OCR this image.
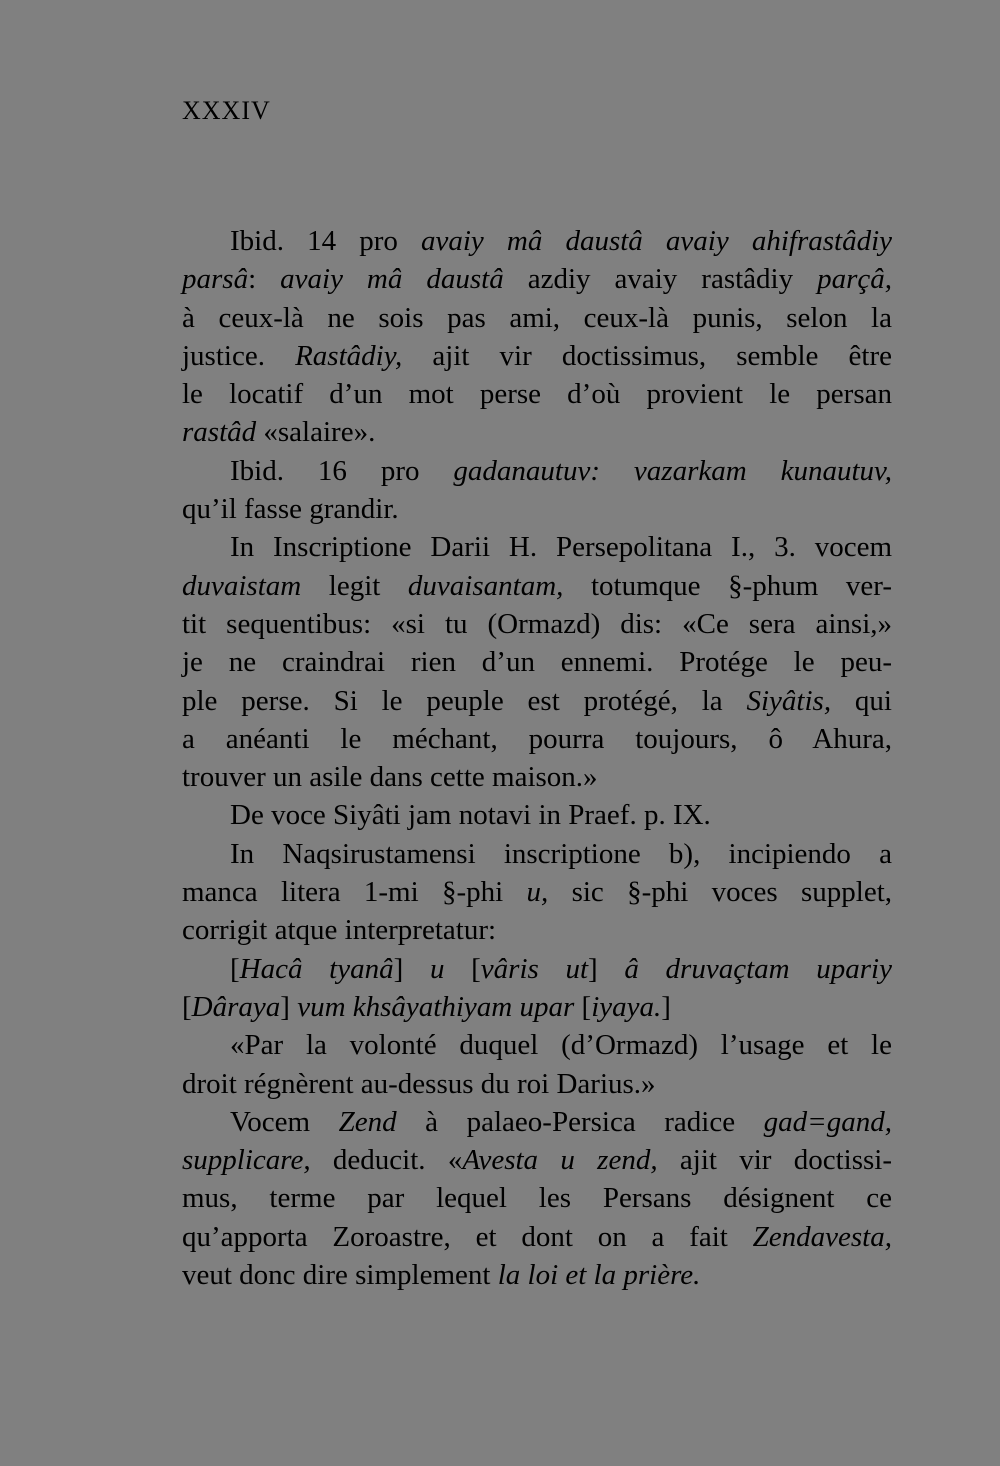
XXXIV
Ibid. 14 pro avaiy mâ daustâ avaiy ahifrastâdiy
parsâ: avaiy mâ daustâ azdiy avaiy rastâdiy parçâ,
à ceux-là ne sois pas ami, ceux-là punis, selon la
justice. Rastâdiy, ajit vir doctissimus, semble être
le locatif d’un mot perse d’où provient le persan
rastâd «salaire».
Ibid. 16 pro gadanautuv: vazarkam kunautuv,
qu’il fasse grandir.
In Inscriptione Darii H. Persepolitana I., 3. vocem
duvaistam legit duvaisantam, totumque §-phum ver-
tit sequentibus: «si tu (Ormazd) dis: «Ce sera ainsi,»
je ne craindrai rien d’un ennemi. Protége le peu-
ple perse. Si le peuple est protégé, la Siyâtis, qui
a anéanti le méchant, pourra toujours, ô Ahura,
trouver un asile dans cette maison.»
De voce Siyâti jam notavi in Praef. p. IX.
In Naqsirustamensi inscriptione b), incipiendo a
manca litera 1-mi §-phi u, sic §-phi voces supplet,
corrigit atque interpretatur:
[Hacâ tyanâ] u [vâris ut] â druvaçtam upariy
[Dâraya] vum khsâyathiyam upar [iyaya.]
«Par la volonté duquel (d’Ormazd) l’usage et le
droit régnèrent au-dessus du roi Darius.»
Vocem Zend à palaeo-Persica radice gad=gand,
supplicare, deducit. «Avesta u zend, ajit vir doctissi-
mus, terme par lequel les Persans désignent ce
qu’apporta Zoroastre, et dont on a fait Zendavesta,
veut donc dire simplement la loi et la prière.
